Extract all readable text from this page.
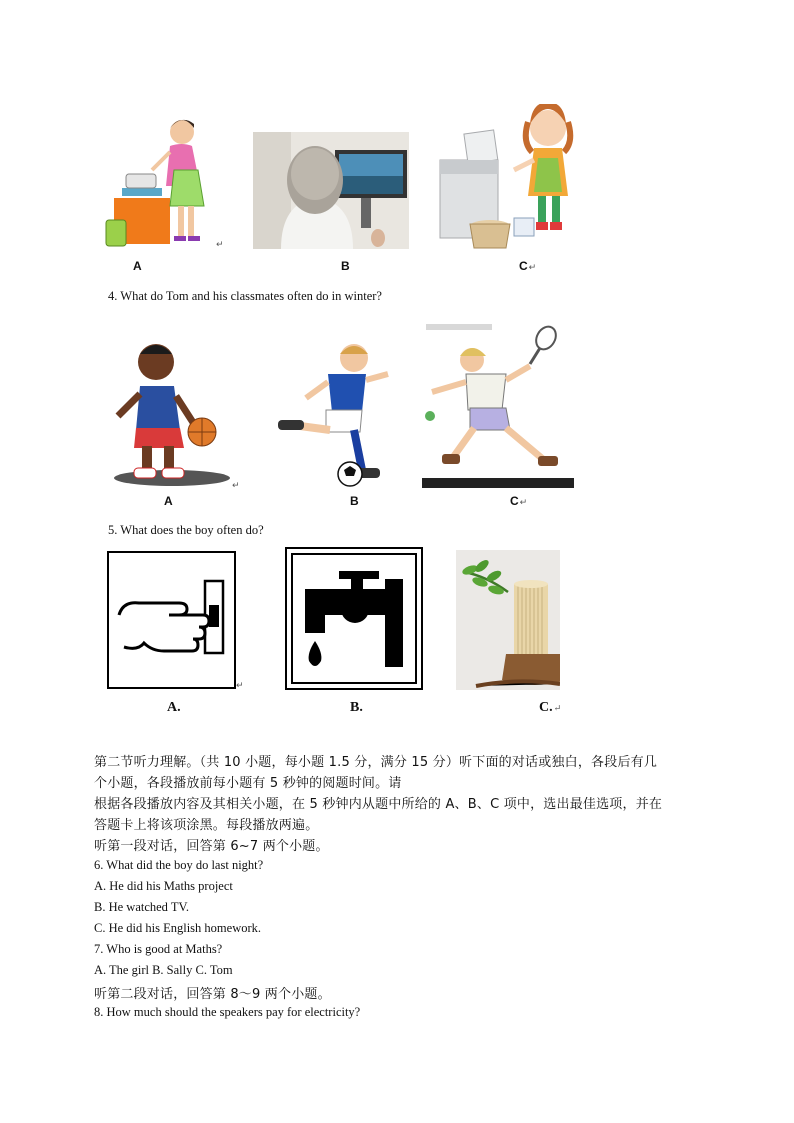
↵
A	B	C↵
4. What do Tom and his classmates often do in winter?
↵
A	B	C↵
5. What does the boy often do?
↵
A.	B.	C.↵
第二节听力理解。（共 10 小题，每小题 1.5 分，满分 15 分）听下面的对话或独白，各段后有几
个小题，各段播放前每小题有 5 秒钟的阅题时间。请
根据各段播放内容及其相关小题，在 5 秒钟内从题中所给的 A、B、C 项中，选出最佳选项，并在
答题卡上将该项涂黑。每段播放两遍。
听第一段对话，回答第 6~7 两个小题。
6. What did the boy do last night?
A. He did his Maths project
B. He watched TV.
C. He did his English homework.
7. Who is good at Maths?
A. The girl B. Sally C. Tom
听第二段对话，回答第 8～9 两个小题。
8. How much should the speakers pay for electricity?
